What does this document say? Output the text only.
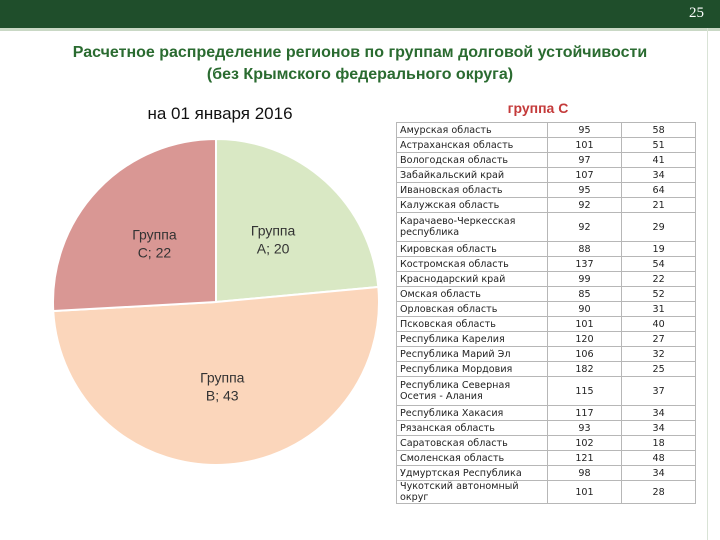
25
Расчетное распределение регионов по группам долговой устойчивости
(без Крымского федерального округа)
на 01 января 2016
Группа А; 20
Группа В; 43
Группа С; 22
группа С
Амурская область	95	58
Астраханская область	101	51
Вологодская область	97	41
Забайкальский край	107	34
Ивановская область	95	64
Калужская область	92	21
Карачаево-Черкесская республика	92	29
Кировская область	88	19
Костромская область	137	54
Краснодарский край	99	22
Омская область	85	52
Орловская область	90	31
Псковская область	101	40
Республика Карелия	120	27
Республика Марий Эл	106	32
Республика Мордовия	182	25
Республика Северная Осетия - Алания	115	37
Республика Хакасия	117	34
Рязанская область	93	34
Саратовская область	102	18
Смоленская область	121	48
Удмуртская Республика	98	34
Чукотский автономный округ	101	28
